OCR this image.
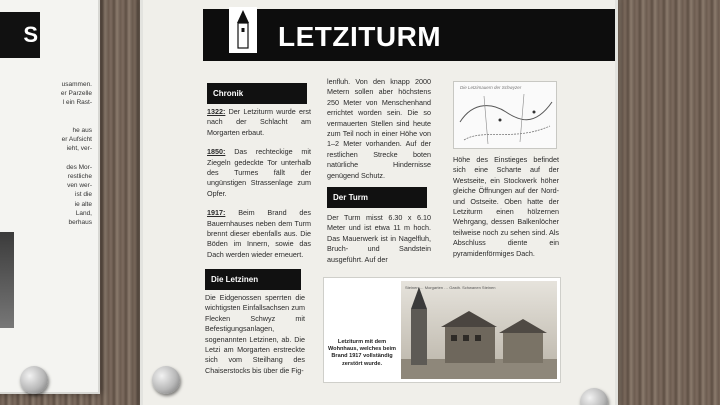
S
usammen.
er Parzelle
l ein Rast-

he aus
er Aufsicht
ieht, ver-

des Mor-
restliche
ven wer-
ist die
ie alte
Land,
berhaus
LETZITURM
Chronik

1322: Der Letziturm wurde erst nach der Schlacht am Morgarten erbaut.

1850: Das rechteckige mit Ziegeln gedeckte Tor unterhalb des Turmes fällt der ungünstigen Strassenlage zum Opfer.

1917: Beim Brand des Bauernhauses neben dem Turm brennt dieser ebenfalls aus. Die Böden im Innern, sowie das Dach werden wieder erneuert.

Die Letzinen
Die Eidgenossen sperrten die wichtigsten Einfallsachsen zum Flecken Schwyz mit Befestigungsanlagen, sogenannten Letzinen, ab. Die Letzi am Morgarten erstreckte sich vom Steilhang des Chaiserstocks bis über die Fig-
lenfluh. Von den knapp 2000 Metern sollen aber höchstens 250 Meter von Menschenhand errichtet worden sein. Die so vermauerten Stellen sind heute zum Teil noch in einer Höhe von 1–2 Meter vorhanden. Auf der restlichen Strecke boten natürliche Hindernisse genügend Schutz.
Der Turm
Der Turm misst 6.30 x 6.10 Meter und ist etwa 11 m hoch. Das Mauerwerk ist in Nagelfluh, Bruch- und Sandstein ausgeführt. Auf der
Die Letzimauern der Schwyzer
Höhe des Einstieges befindet sich eine Scharte auf der Westseite, ein Stockwerk höher gleiche Öffnungen auf der Nord- und Ostseite. Oben hatte der Letziturm einen hölzernen Wehrgang, dessen Balkenlöcher teilweise noch zu sehen sind. Als Abschluss diente ein pyramidenförmiges Dach.
Letziturm mit dem Wohnhaus, welches beim Brand 1917 vollständig zerstört wurde.
Steinen … Morgarten … Gasth. Schwanen Steinen
